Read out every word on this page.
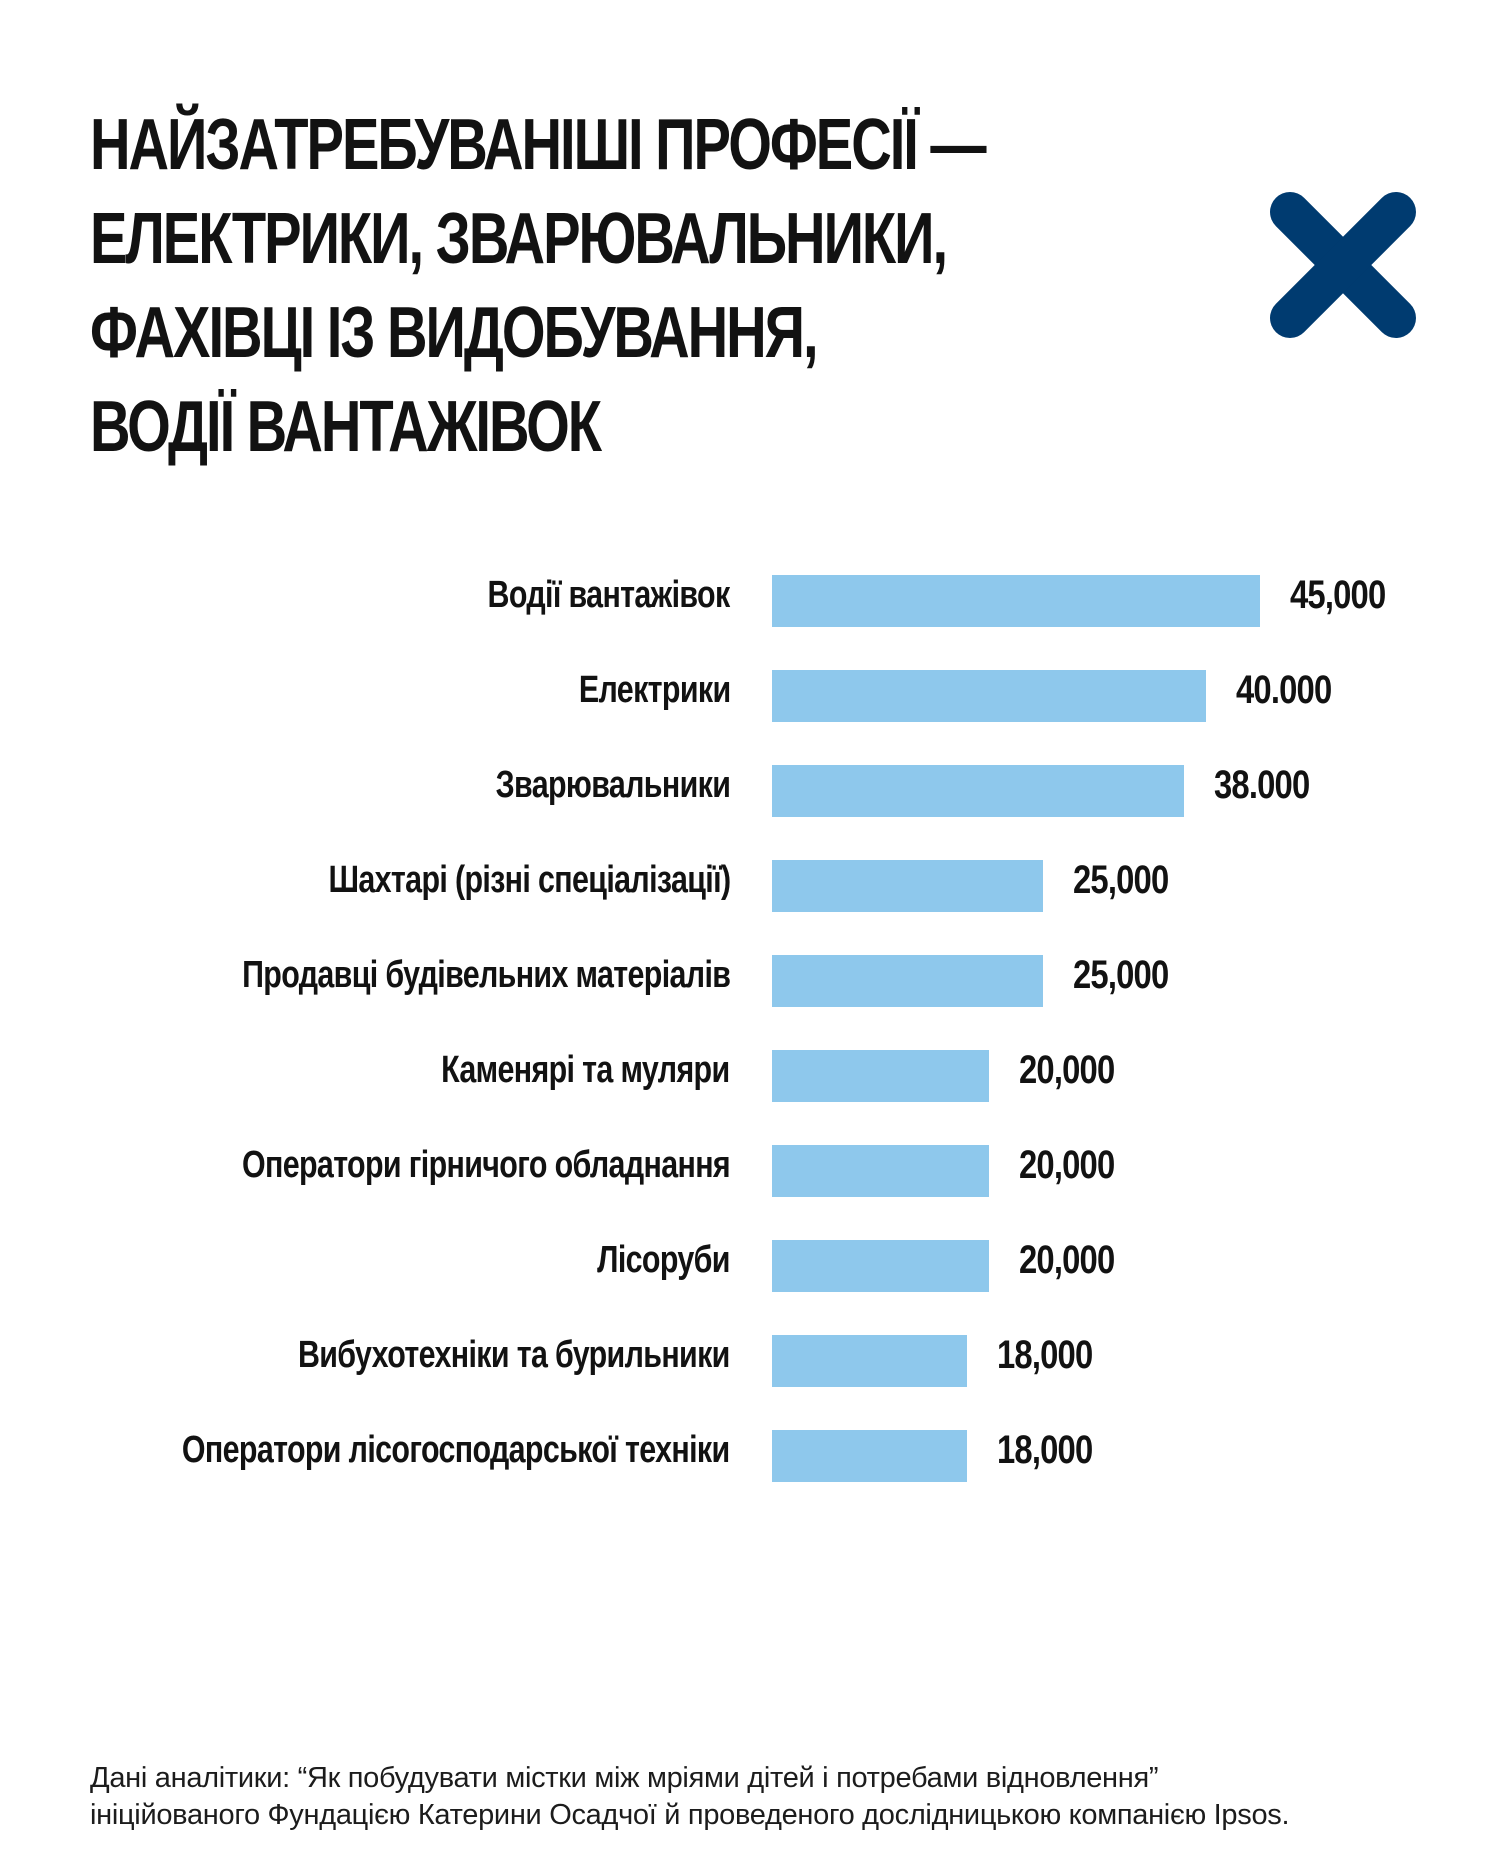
НАЙЗАТРЕБУВАНІШІ ПРОФЕСІЇ —
ЕЛЕКТРИКИ, ЗВАРЮВАЛЬНИКИ,
ФАХІВЦІ ІЗ ВИДОБУВАННЯ,
ВОДІЇ ВАНТАЖІВОК
Водії вантажівок	45,000
Електрики	40.000
Зварювальники	38.000
Шахтарі (різні спеціалізації)	25,000
Продавці будівельних матеріалів	25,000
Каменярі та муляри	20,000
Оператори гірничого обладнання	20,000
Лісоруби	20,000
Вибухотехніки та бурильники	18,000
Оператори лісогосподарської техніки	18,000
Дані аналітики: “Як побудувати містки між мріями дітей і потребами відновлення”
ініційованого Фундацією Катерини Осадчої й проведеного дослідницькою компанією Ipsos.
